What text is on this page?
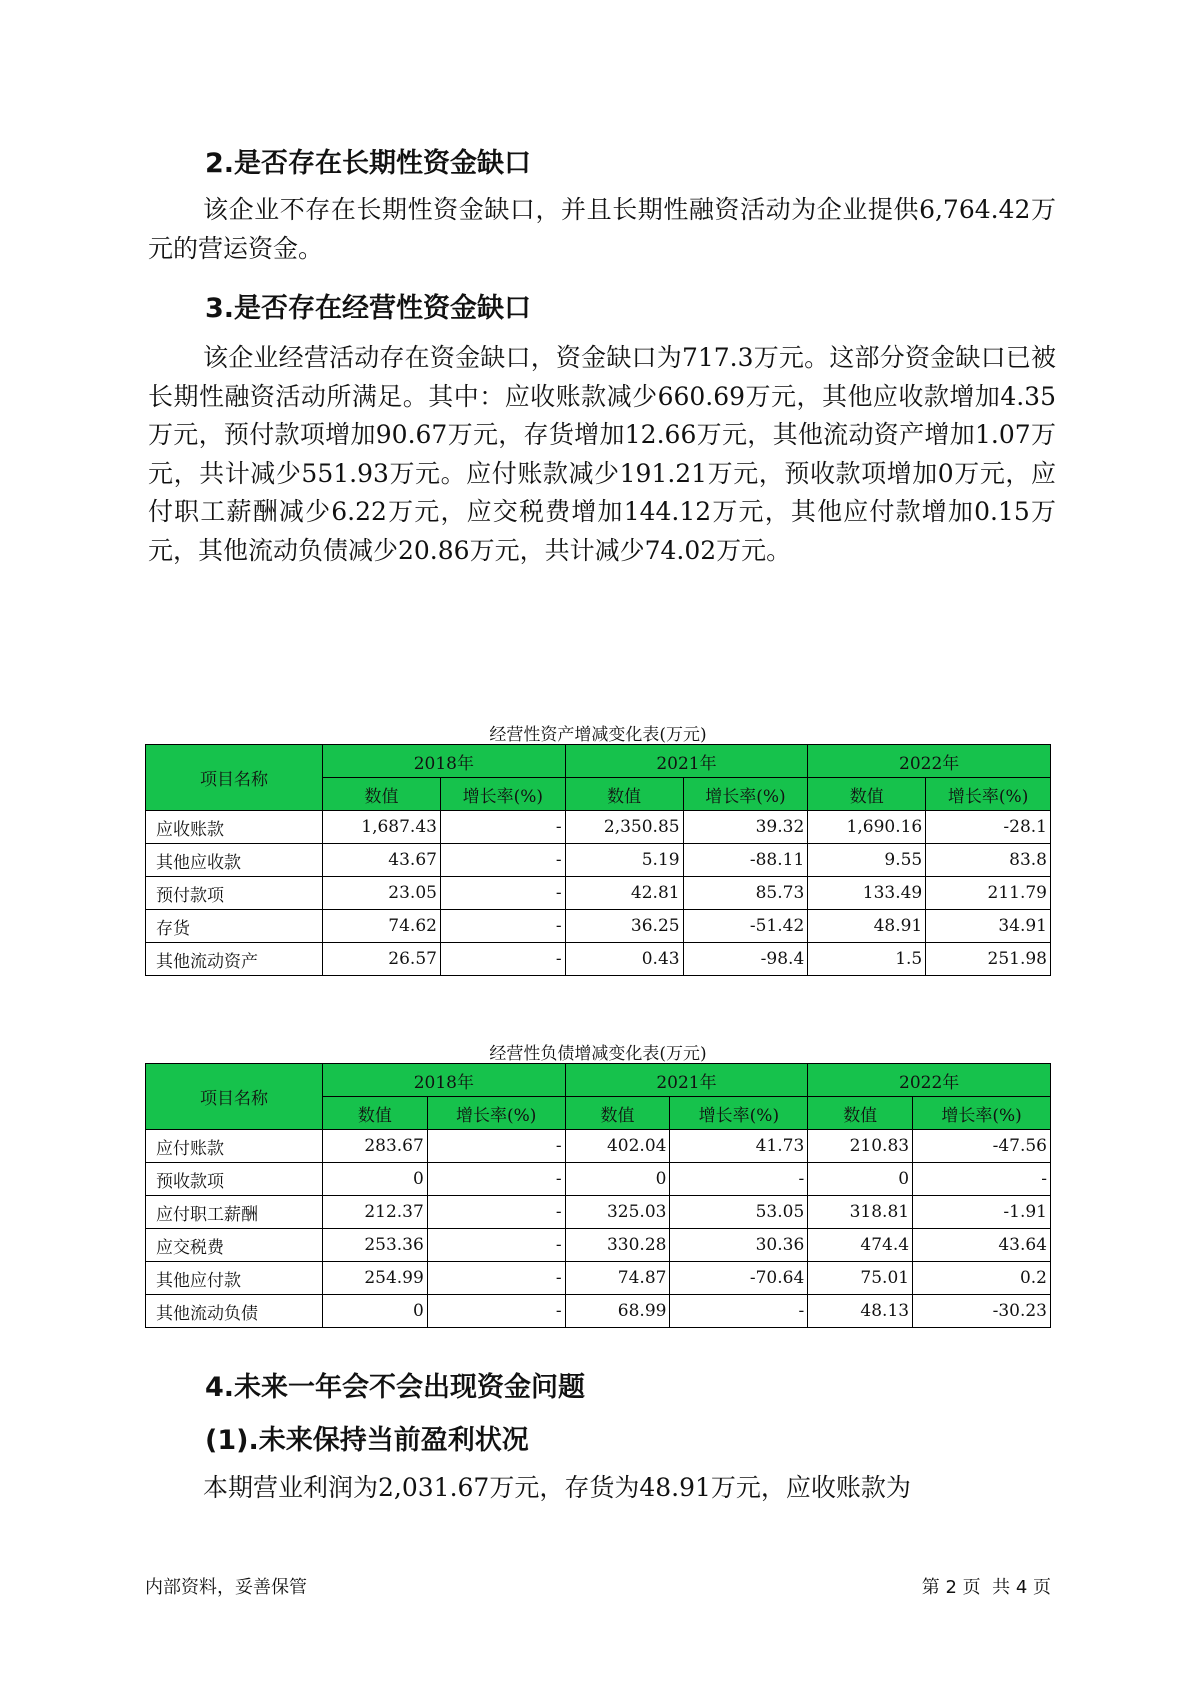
2.是否存在长期性资金缺口

该企业不存在长期性资金缺口，并且长期性融资活动为企业提供6,764.42万元的营运资金。

3.是否存在经营性资金缺口

该企业经营活动存在资金缺口，资金缺口为717.3万元。这部分资金缺口已被长期性融资活动所满足。其中：应收账款减少660.69万元，其他应收款增加4.35万元，预付款项增加90.67万元，存货增加12.66万元，其他流动资产增加1.07万元，共计减少551.93万元。应付账款减少191.21万元，预收款项增加0万元，应付职工薪酬减少6.22万元，应交税费增加144.12万元，其他应付款增加0.15万元，其他流动负债减少20.86万元，共计减少74.02万元。

经营性资产增减变化表(万元)
项目名称	2018年		2021年		2022年	
	数值	增长率(%)	数值	增长率(%)	数值	增长率(%)
应收账款	1,687.43	-	2,350.85	39.32	1,690.16	-28.1
其他应收款	43.67	-	5.19	-88.11	9.55	83.8
预付款项	23.05	-	42.81	85.73	133.49	211.79
存货	74.62	-	36.25	-51.42	48.91	34.91
其他流动资产	26.57	-	0.43	-98.4	1.5	251.98
经营性负债增减变化表(万元)
项目名称	2018年		2021年		2022年	
	数值	增长率(%)	数值	增长率(%)	数值	增长率(%)
应付账款	283.67	-	402.04	41.73	210.83	-47.56
预收款项	0	-	0	-	0	-
应付职工薪酬	212.37	-	325.03	53.05	318.81	-1.91
应交税费	253.36	-	330.28	30.36	474.4	43.64
其他应付款	254.99	-	74.87	-70.64	75.01	0.2
其他流动负债	0	-	68.99	-	48.13	-30.23
4.未来一年会不会出现资金问题
(1).未来保持当前盈利状况

本期营业利润为2,031.67万元，存货为48.91万元，应收账款为

内部资料，妥善保管	第 2 页  共 4 页
